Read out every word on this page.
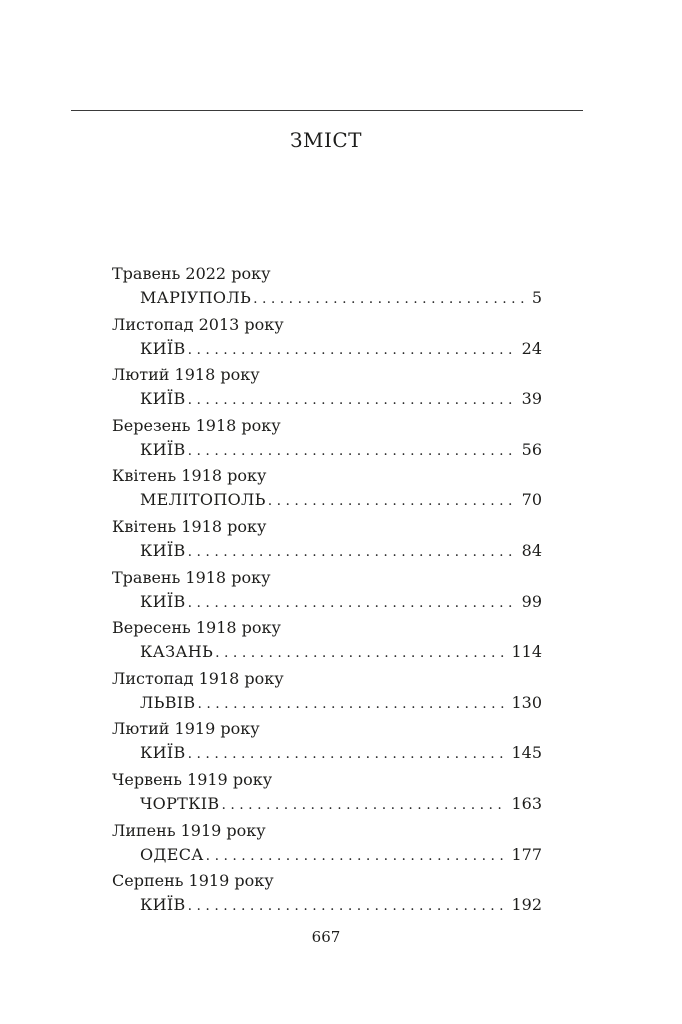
ЗМІСТ
Травень 2022 року
МАРІУПОЛЬ . . .	5
Листопад 2013 року
КИЇВ . . .	24
Лютий 1918 року
КИЇВ . . .	39
Березень 1918 року
КИЇВ . . .	56
Квітень 1918 року
МЕЛІТОПОЛЬ . . .	70
Квітень 1918 року
КИЇВ . . .	84
Травень 1918 року
КИЇВ . . .	99
Вересень 1918 року
КАЗАНЬ . . .	114
Листопад 1918 року
ЛЬВІВ . . .	130
Лютий 1919 року
КИЇВ . . .	145
Червень 1919 року
ЧОРТКІВ . . .	163
Липень 1919 року
ОДЕСА . . .	177
Серпень 1919 року
КИЇВ . . .	192
667
